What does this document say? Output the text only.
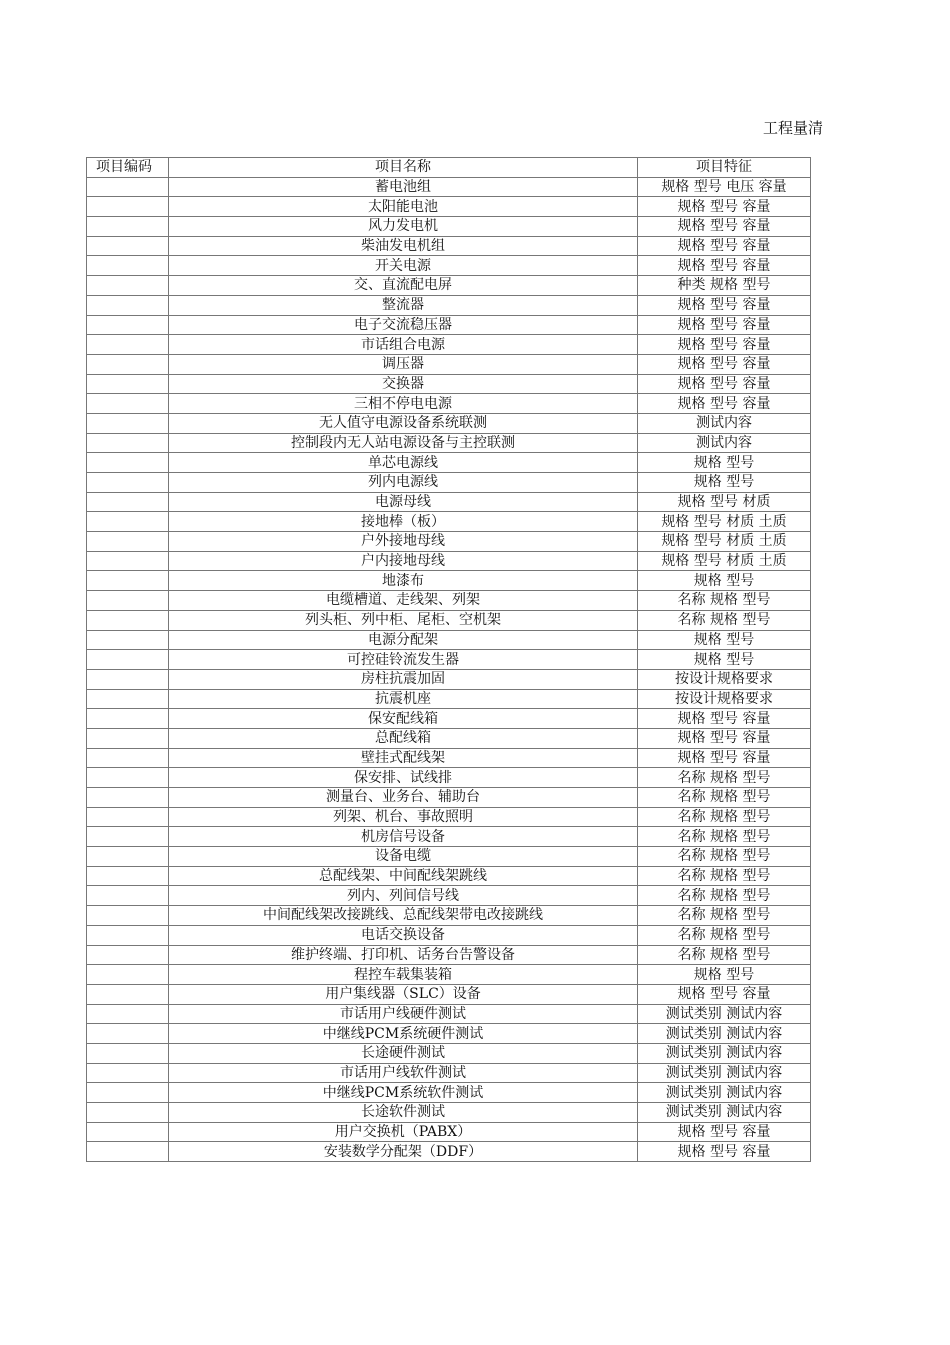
工程量清
项目编码	项目名称	项目特征
	蓄电池组	规格 型号 电压 容量
	太阳能电池	规格 型号 容量
	风力发电机	规格 型号 容量
	柴油发电机组	规格 型号 容量
	开关电源	规格 型号 容量
	交、直流配电屏	种类 规格 型号
	整流器	规格 型号 容量
	电子交流稳压器	规格 型号 容量
	市话组合电源	规格 型号 容量
	调压器	规格 型号 容量
	交换器	规格 型号 容量
	三相不停电电源	规格 型号 容量
	无人值守电源设备系统联测	测试内容
	控制段内无人站电源设备与主控联测	测试内容
	单芯电源线	规格 型号
	列内电源线	规格 型号
	电源母线	规格 型号 材质
	接地棒（板）	规格 型号 材质 土质
	户外接地母线	规格 型号 材质 土质
	户内接地母线	规格 型号 材质 土质
	地漆布	规格 型号
	电缆槽道、走线架、列架	名称 规格 型号
	列头柜、列中柜、尾柜、空机架	名称 规格 型号
	电源分配架	规格 型号
	可控硅铃流发生器	规格 型号
	房柱抗震加固	按设计规格要求
	抗震机座	按设计规格要求
	保安配线箱	规格 型号 容量
	总配线箱	规格 型号 容量
	壁挂式配线架	规格 型号 容量
	保安排、试线排	名称 规格 型号
	测量台、业务台、辅助台	名称 规格 型号
	列架、机台、事故照明	名称 规格 型号
	机房信号设备	名称 规格 型号
	设备电缆	名称 规格 型号
	总配线架、中间配线架跳线	名称 规格 型号
	列内、列间信号线	名称 规格 型号
	中间配线架改接跳线、总配线架带电改接跳线	名称 规格 型号
	电话交换设备	名称 规格 型号
	维护终端、打印机、话务台告警设备	名称 规格 型号
	程控车载集装箱	规格 型号
	用户集线器（SLC）设备	规格 型号 容量
	市话用户线硬件测试	测试类别 测试内容
	中继线PCM系统硬件测试	测试类别 测试内容
	长途硬件测试	测试类别 测试内容
	市话用户线软件测试	测试类别 测试内容
	中继线PCM系统软件测试	测试类别 测试内容
	长途软件测试	测试类别 测试内容
	用户交换机（PABX）	规格 型号 容量
	安装数学分配架（DDF）	规格 型号 容量
